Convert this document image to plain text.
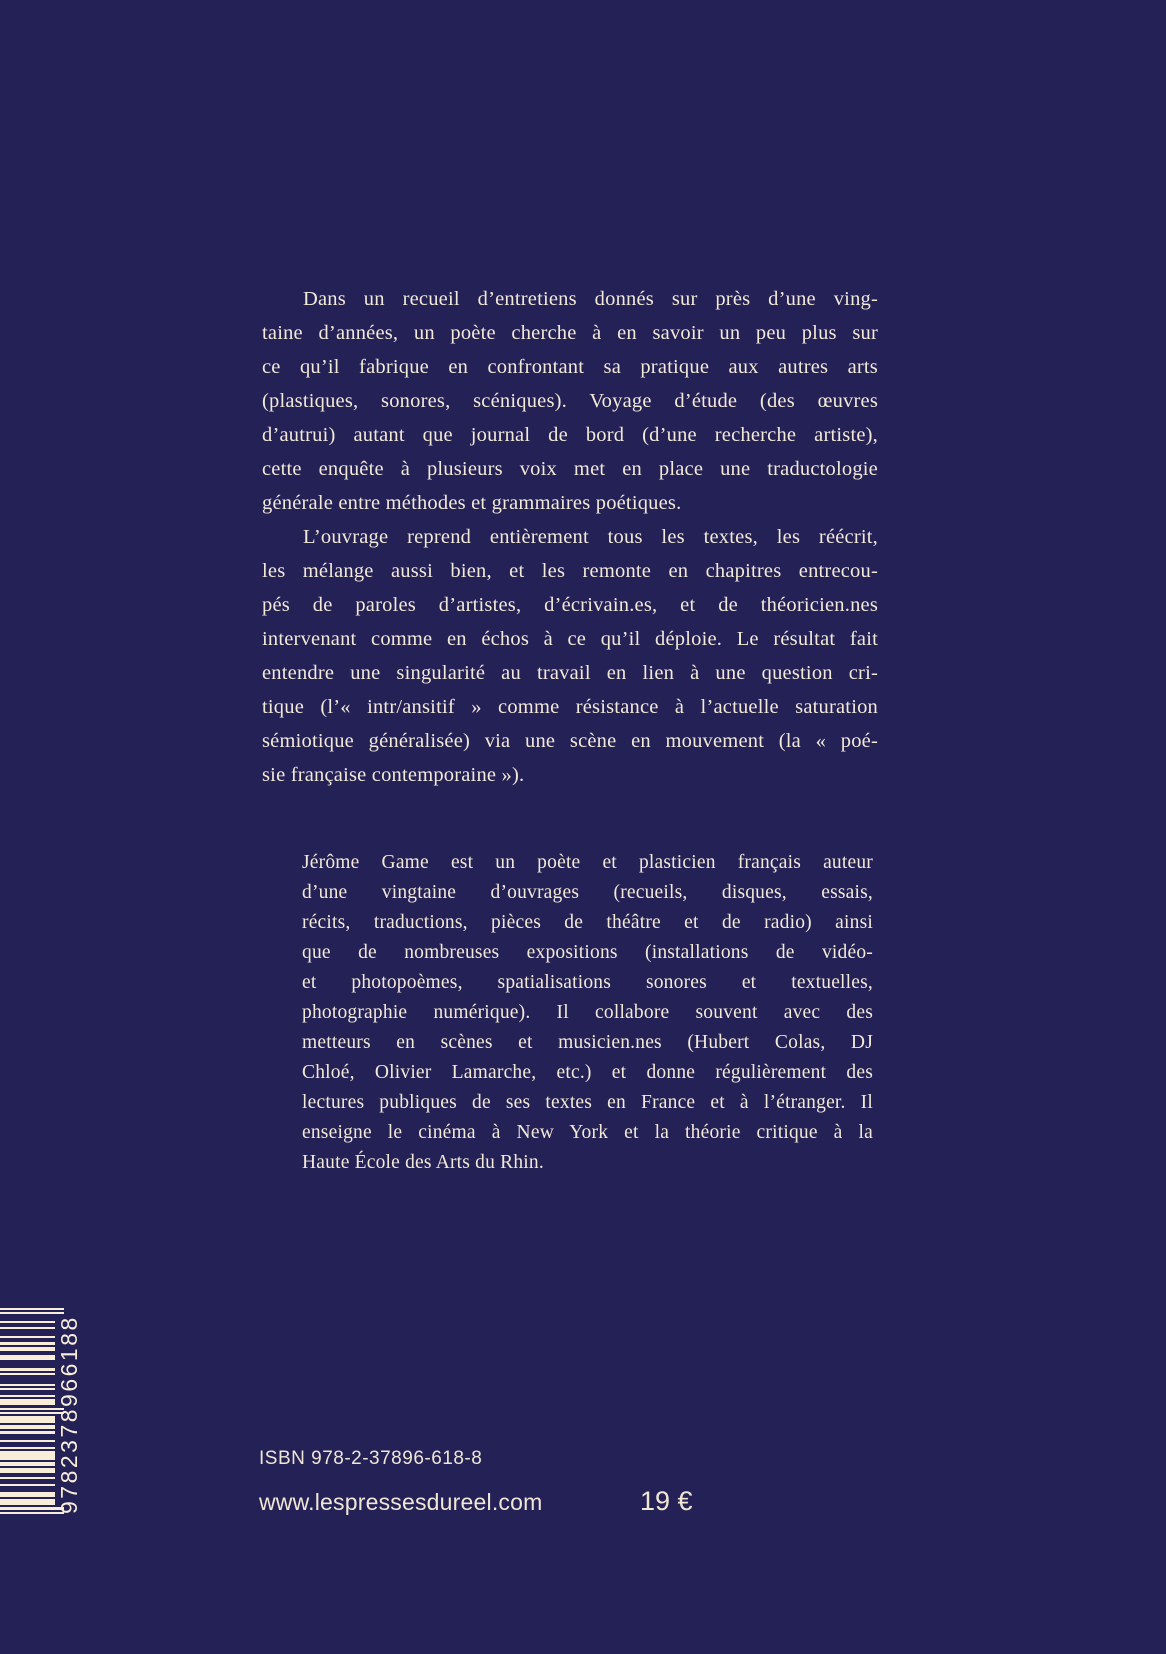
Dans un recueil d’entretiens donnés sur près d’une ving-
taine d’années, un poète cherche à en savoir un peu plus sur
ce qu’il fabrique en confrontant sa pratique aux autres arts
(plastiques, sonores, scéniques). Voyage d’étude (des œuvres
d’autrui) autant que journal de bord (d’une recherche artiste),
cette enquête à plusieurs voix met en place une traductologie
générale entre méthodes et grammaires poétiques.
L’ouvrage reprend entièrement tous les textes, les réécrit,
les mélange aussi bien, et les remonte en chapitres entrecou-
pés de paroles d’artistes, d’écrivain.es, et de théoricien.nes
intervenant comme en échos à ce qu’il déploie. Le résultat fait
entendre une singularité au travail en lien à une question cri-
tique (l’« intr/ansitif » comme résistance à l’actuelle saturation
sémiotique généralisée) via une scène en mouvement (la « poé-
sie française contemporaine »).
Jérôme Game est un poète et plasticien français auteur
d’une vingtaine d’ouvrages (recueils, disques, essais,
récits, traductions, pièces de théâtre et de radio) ainsi
que de nombreuses expositions (installations de vidéo-
et photopoèmes, spatialisations sonores et textuelles,
photographie numérique). Il collabore souvent avec des
metteurs en scènes et musicien.nes (Hubert Colas, DJ
Chloé, Olivier Lamarche, etc.) et donne régulièrement des
lectures publiques de ses textes en France et à l’étranger. Il
enseigne le cinéma à New York et la théorie critique à la
Haute École des Arts du Rhin.
9782378966188	ISBN 978-2-37896-618-8
www.lespressesdureel.com	19 €
